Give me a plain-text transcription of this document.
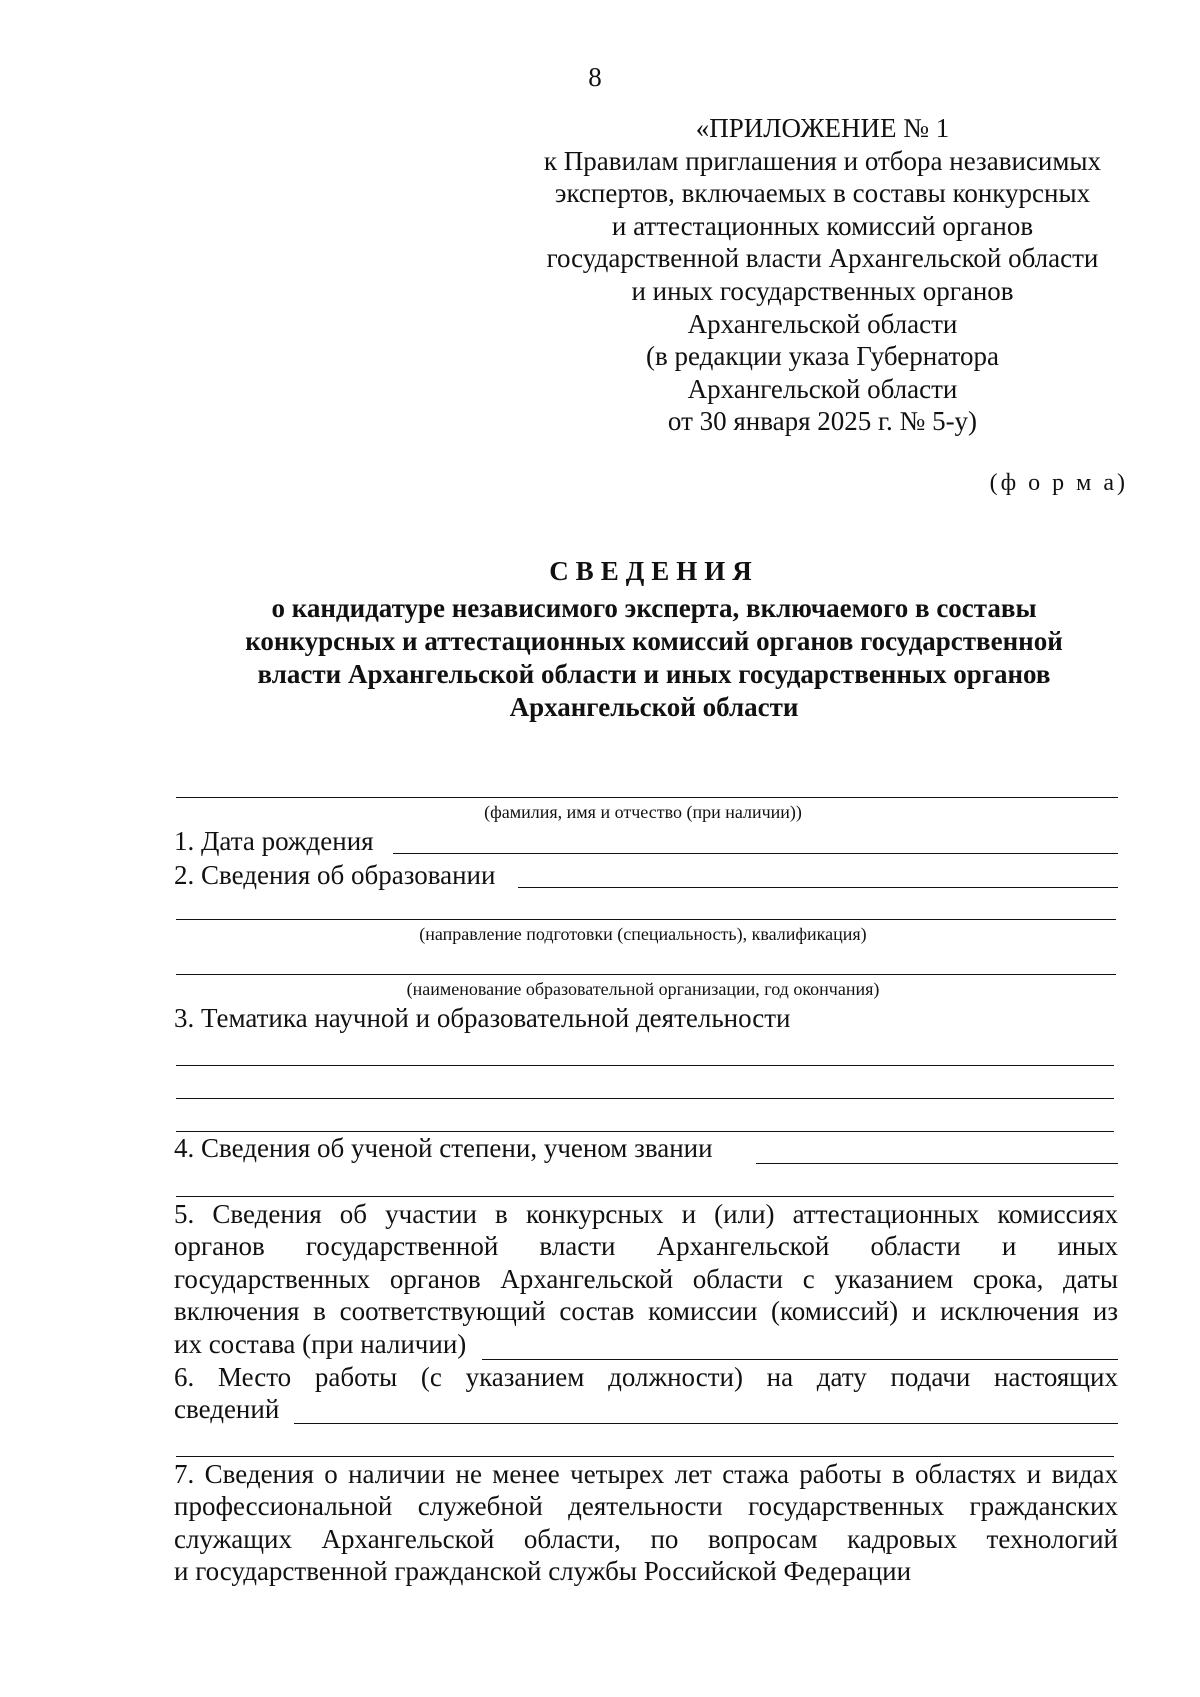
8
«ПРИЛОЖЕНИЕ № 1
к Правилам приглашения и отбора независимых
экспертов, включаемых в составы конкурсных
и аттестационных комиссий органов
государственной власти Архангельской области
и иных государственных органов
Архангельской области
(в редакции указа Губернатора
Архангельской области
от 30 января 2025 г. № 5-у)
(ф о р м а)
СВЕДЕНИЯ
о кандидатуре независимого эксперта, включаемого в составы
конкурсных и аттестационных комиссий органов государственной
власти Архангельской области и иных государственных органов
Архангельской области
(фамилия, имя и отчество (при наличии))
1. Дата рождения
2. Сведения об образовании
(направление подготовки (специальность), квалификация)
(наименование образовательной организации, год окончания)
3. Тематика научной и образовательной деятельности
4. Сведения об ученой степени, ученом звании
5. Сведения об участии в конкурсных и (или) аттестационных комиссиях
органов государственной власти Архангельской области и иных
государственных органов Архангельской области с указанием срока, даты
включения в соответствующий состав комиссии (комиссий) и исключения из
их состава (при наличии)
6. Место работы (с указанием должности) на дату подачи настоящих
сведений
7. Сведения о наличии не менее четырех лет стажа работы в областях и видах
профессиональной служебной деятельности государственных гражданских
служащих Архангельской области, по вопросам кадровых технологий
и государственной гражданской службы Российской Федерации
